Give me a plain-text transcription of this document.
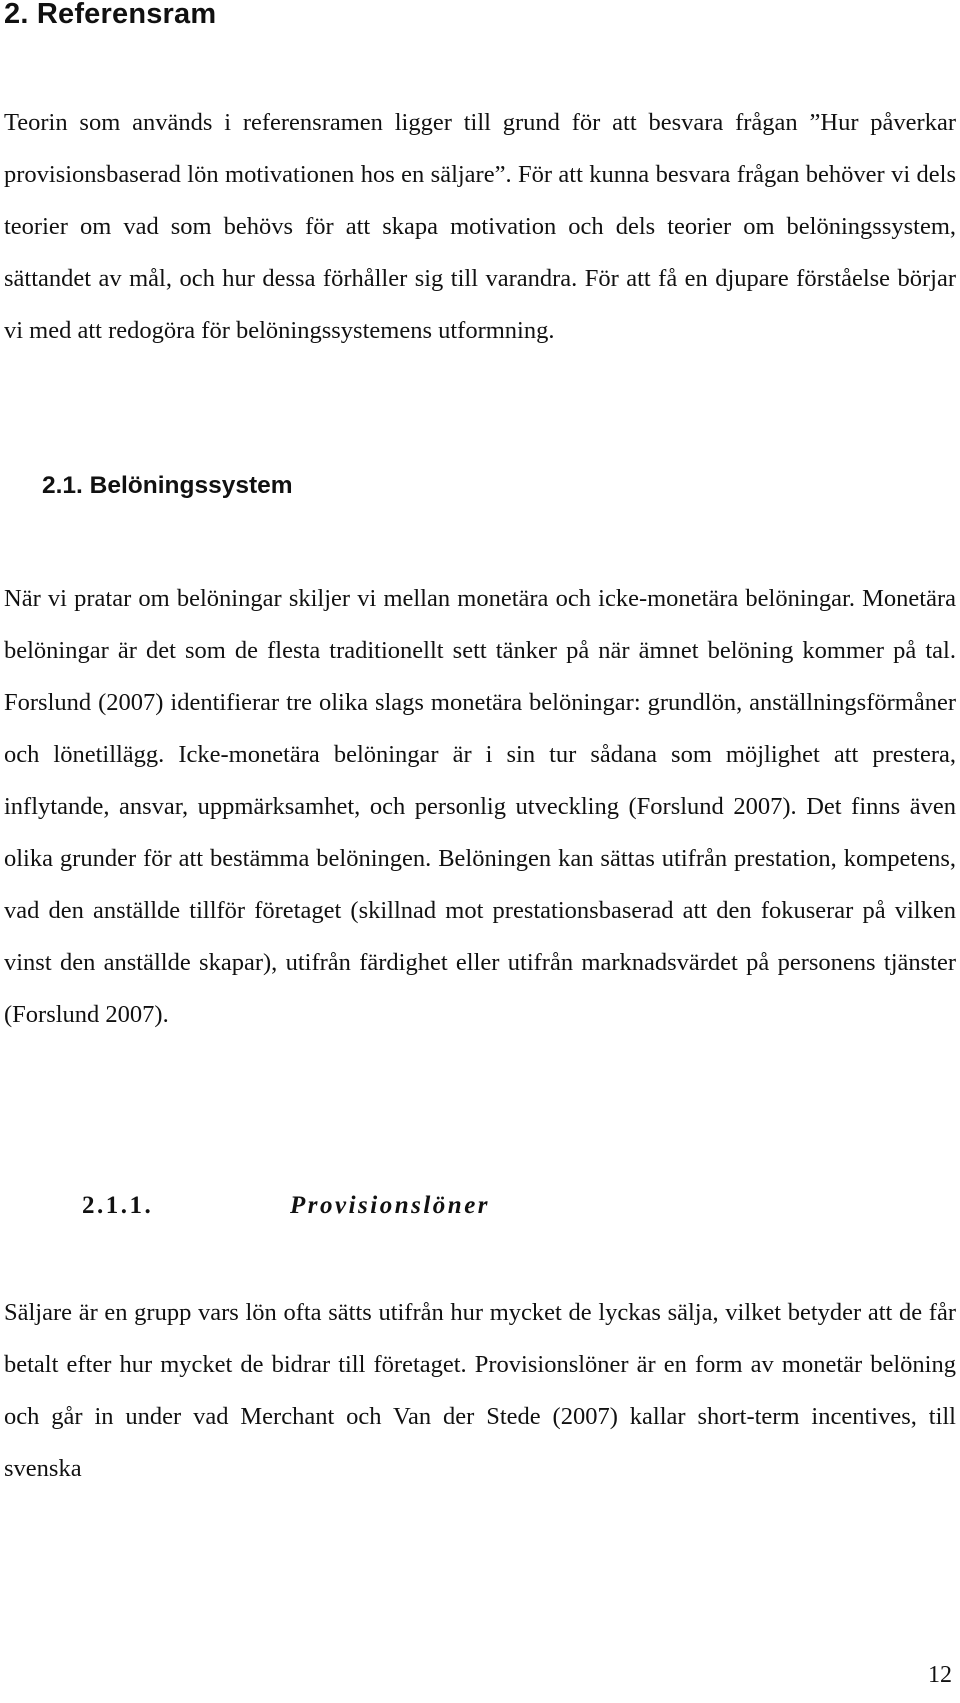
2. Referensram

Teorin som används i referensramen ligger till grund för att besvara frågan ”Hur påverkar provisionsbaserad lön motivationen hos en säljare”. För att kunna besvara frågan behöver vi dels teorier om vad som behövs för att skapa motivation och dels teorier om belöningssystem, sättandet av mål, och hur dessa förhåller sig till varandra. För att få en djupare förståelse börjar vi med att redogöra för belöningssystemens utformning.

2.1. Belöningssystem

När vi pratar om belöningar skiljer vi mellan monetära och icke-monetära belöningar. Monetära belöningar är det som de flesta traditionellt sett tänker på när ämnet belöning kommer på tal. Forslund (2007) identifierar tre olika slags monetära belöningar: grundlön, anställningsförmåner och lönetillägg. Icke-monetära belöningar är i sin tur sådana som möjlighet att prestera, inflytande, ansvar, uppmärksamhet, och personlig utveckling (Forslund 2007). Det finns även olika grunder för att bestämma belöningen. Belöningen kan sättas utifrån prestation, kompetens, vad den anställde tillför företaget (skillnad mot prestationsbaserad att den fokuserar på vilken vinst den anställde skapar), utifrån färdighet eller utifrån marknadsvärdet på personens tjänster (Forslund 2007).

2.1.1.	Provisionslöner

Säljare är en grupp vars lön ofta sätts utifrån hur mycket de lyckas sälja, vilket betyder att de får betalt efter hur mycket de bidrar till företaget. Provisionslöner är en form av monetär belöning och går in under vad Merchant och Van der Stede (2007) kallar short-term incentives, till svenska

12
